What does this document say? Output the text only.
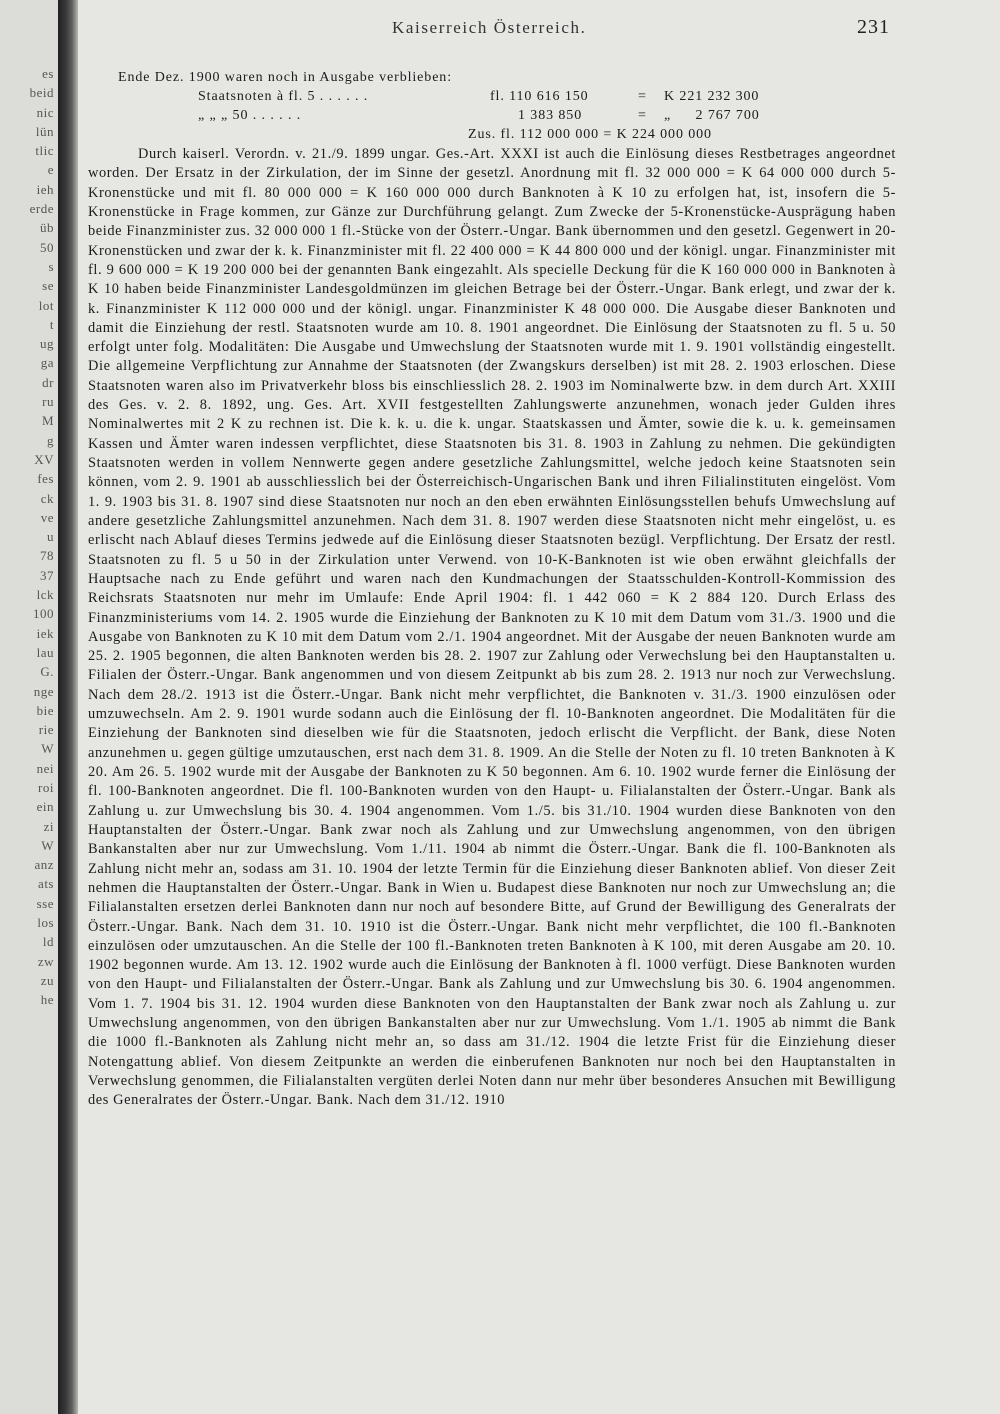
es
beid
nic
lün
tlic
e
ieh
erde
üb
50
s
se
lot
t
ug
ga
dr
ru
M
g
XV
fes
ck
ve
u
78
37
lck
100
iek
lau
G.
nge
bie
rie
W
nei
roi
ein
zi
W
anz
ats
sse
los
ld
zw
zu
he
Kaiserreich Österreich.	231
Ende Dez. 1900 waren noch in Ausgabe verblieben:
Staatsnoten à fl. 5 . . . . . .	fl. 110 616 150	= K 221 232 300
„ „ „ 50 . . . . . .	1 383 850	= „ 2 767 700
Zus. fl. 112 000 000 = K 224 000 000

Durch kaiserl. Verordn. v. 21./9. 1899 ungar. Ges.-Art. XXXI ist auch die Einlösung dieses Restbetrages angeordnet worden. Der Ersatz in der Zirkulation, der im Sinne der gesetzl. Anordnung mit fl. 32 000 000 = K 64 000 000 durch 5-Kronenstücke und mit fl. 80 000 000 = K 160 000 000 durch Banknoten à K 10 zu erfolgen hat, ist, insofern die 5-Kronenstücke in Frage kommen, zur Gänze zur Durchführung gelangt. Zum Zwecke der 5-Kronenstücke-Ausprägung haben beide Finanzminister zus. 32 000 000 1 fl.-Stücke von der Österr.-Ungar. Bank übernommen und den gesetzl. Gegenwert in 20-Kronenstücken und zwar der k. k. Finanzminister mit fl. 22 400 000 = K 44 800 000 und der königl. ungar. Finanzminister mit fl. 9 600 000 = K 19 200 000 bei der genannten Bank eingezahlt. Als specielle Deckung für die K 160 000 000 in Banknoten à K 10 haben beide Finanzminister Landesgoldmünzen im gleichen Betrage bei der Österr.-Ungar. Bank erlegt, und zwar der k. k. Finanzminister K 112 000 000 und der königl. ungar. Finanzminister K 48 000 000. Die Ausgabe dieser Banknoten und damit die Einziehung der restl. Staatsnoten wurde am 10. 8. 1901 angeordnet. Die Einlösung der Staatsnoten zu fl. 5 u. 50 erfolgt unter folg. Modalitäten: Die Ausgabe und Umwechslung der Staatsnoten wurde mit 1. 9. 1901 vollständig eingestellt. Die allgemeine Verpflichtung zur Annahme der Staatsnoten (der Zwangskurs derselben) ist mit 28. 2. 1903 erloschen. Diese Staatsnoten waren also im Privatverkehr bloss bis einschliesslich 28. 2. 1903 im Nominalwerte bzw. in dem durch Art. XXIII des Ges. v. 2. 8. 1892, ung. Ges. Art. XVII festgestellten Zahlungswerte anzunehmen, wonach jeder Gulden ihres Nominalwertes mit 2 K zu rechnen ist. Die k. k. u. die k. ungar. Staatskassen und Ämter, sowie die k. u. k. gemeinsamen Kassen und Ämter waren indessen verpflichtet, diese Staatsnoten bis 31. 8. 1903 in Zahlung zu nehmen. Die gekündigten Staatsnoten werden in vollem Nennwerte gegen andere gesetzliche Zahlungsmittel, welche jedoch keine Staatsnoten sein können, vom 2. 9. 1901 ab ausschliesslich bei der Österreichisch-Ungarischen Bank und ihren Filialinstituten eingelöst. Vom 1. 9. 1903 bis 31. 8. 1907 sind diese Staatsnoten nur noch an den eben erwähnten Einlösungsstellen behufs Umwechslung auf andere gesetzliche Zahlungsmittel anzunehmen. Nach dem 31. 8. 1907 werden diese Staatsnoten nicht mehr eingelöst, u. es erlischt nach Ablauf dieses Termins jedwede auf die Einlösung dieser Staatsnoten bezügl. Verpflichtung. Der Ersatz der restl. Staatsnoten zu fl. 5 u 50 in der Zirkulation unter Verwend. von 10-K-Banknoten ist wie oben erwähnt gleichfalls der Hauptsache nach zu Ende geführt und waren nach den Kundmachungen der Staatsschulden-Kontroll-Kommission des Reichsrats Staatsnoten nur mehr im Umlaufe: Ende April 1904: fl. 1 442 060 = K 2 884 120. Durch Erlass des Finanzministeriums vom 14. 2. 1905 wurde die Einziehung der Banknoten zu K 10 mit dem Datum vom 31./3. 1900 und die Ausgabe von Banknoten zu K 10 mit dem Datum vom 2./1. 1904 angeordnet. Mit der Ausgabe der neuen Banknoten wurde am 25. 2. 1905 begonnen, die alten Banknoten werden bis 28. 2. 1907 zur Zahlung oder Verwechslung bei den Hauptanstalten u. Filialen der Österr.-Ungar. Bank angenommen und von diesem Zeitpunkt ab bis zum 28. 2. 1913 nur noch zur Verwechslung. Nach dem 28./2. 1913 ist die Österr.-Ungar. Bank nicht mehr verpflichtet, die Banknoten v. 31./3. 1900 einzulösen oder umzuwechseln. Am 2. 9. 1901 wurde sodann auch die Einlösung der fl. 10-Banknoten angeordnet. Die Modalitäten für die Einziehung der Banknoten sind dieselben wie für die Staatsnoten, jedoch erlischt die Verpflicht. der Bank, diese Noten anzunehmen u. gegen gültige umzutauschen, erst nach dem 31. 8. 1909. An die Stelle der Noten zu fl. 10 treten Banknoten à K 20. Am 26. 5. 1902 wurde mit der Ausgabe der Banknoten zu K 50 begonnen. Am 6. 10. 1902 wurde ferner die Einlösung der fl. 100-Banknoten angeordnet. Die fl. 100-Banknoten wurden von den Haupt- u. Filialanstalten der Österr.-Ungar. Bank als Zahlung u. zur Umwechslung bis 30. 4. 1904 angenommen. Vom 1./5. bis 31./10. 1904 wurden diese Banknoten von den Hauptanstalten der Österr.-Ungar. Bank zwar noch als Zahlung und zur Umwechslung angenommen, von den übrigen Bankanstalten aber nur zur Umwechslung. Vom 1./11. 1904 ab nimmt die Österr.-Ungar. Bank die fl. 100-Banknoten als Zahlung nicht mehr an, sodass am 31. 10. 1904 der letzte Termin für die Einziehung dieser Banknoten ablief. Von dieser Zeit nehmen die Hauptanstalten der Österr.-Ungar. Bank in Wien u. Budapest diese Banknoten nur noch zur Umwechslung an; die Filialanstalten ersetzen derlei Banknoten dann nur noch auf besondere Bitte, auf Grund der Bewilligung des Generalrats der Österr.-Ungar. Bank. Nach dem 31. 10. 1910 ist die Österr.-Ungar. Bank nicht mehr verpflichtet, die 100 fl.-Banknoten einzulösen oder umzutauschen. An die Stelle der 100 fl.-Banknoten treten Banknoten à K 100, mit deren Ausgabe am 20. 10. 1902 begonnen wurde. Am 13. 12. 1902 wurde auch die Einlösung der Banknoten à fl. 1000 verfügt. Diese Banknoten wurden von den Haupt- und Filialanstalten der Österr.-Ungar. Bank als Zahlung und zur Umwechslung bis 30. 6. 1904 angenommen. Vom 1. 7. 1904 bis 31. 12. 1904 wurden diese Banknoten von den Hauptanstalten der Bank zwar noch als Zahlung u. zur Umwechslung angenommen, von den übrigen Bankanstalten aber nur zur Umwechslung. Vom 1./1. 1905 ab nimmt die Bank die 1000 fl.-Banknoten als Zahlung nicht mehr an, so dass am 31./12. 1904 die letzte Frist für die Einziehung dieser Notengattung ablief. Von diesem Zeitpunkte an werden die einberufenen Banknoten nur noch bei den Hauptanstalten in Verwechslung genommen, die Filialanstalten vergüten derlei Noten dann nur mehr über besonderes Ansuchen mit Bewilligung des Generalrates der Österr.-Ungar. Bank. Nach dem 31./12. 1910
